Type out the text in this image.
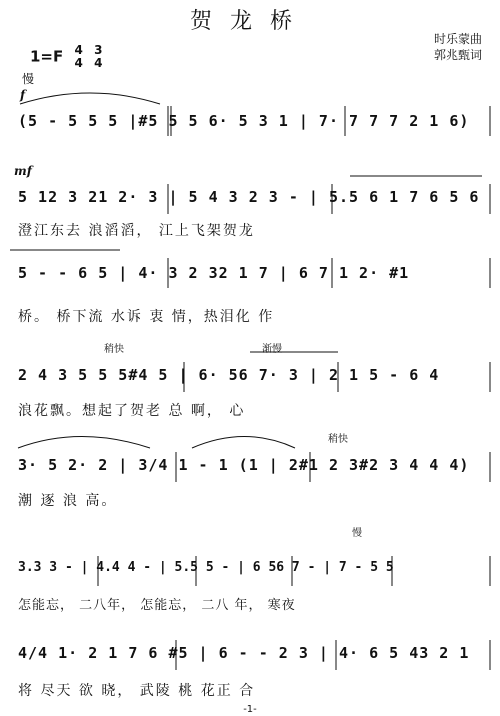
贺龙桥
时乐蒙曲
郭兆甄词
1=F 4
4

3
4
慢
f
mf
稍快	渐慢
稍快
慢
(5 - 5 5 5 |#5 5 5 6· 5 3 1 | 7· 7 7 7 2 1 6)
5 12 3 21 2· 3 | 5 4 3 2 3 - | 5.5 6 1 7 6 5 6
澄江东去 浪滔滔， 江上飞架贺龙
5 - - 6 5 | 4· 3 2 32 1 7 | 6 7 1 2· #1
桥。 桥下流 水诉 衷 情，热泪化 作
2 4 3 5 5 5#4 5 | 6· 56 7· 3 | 2 1 5 - 6 4
浪花飘。想起了贺老 总 啊， 心
3· 5 2· 2 | 3/4 1 - 1 (1 | 2#1 2 3#2 3 4 4 4)
潮 逐 浪 高。
3.3 3 - | 4.4 4 - | 5.5 5 - | 6 56 7 - | 7 - 5 5
怎能忘， 二八年， 怎能忘， 二八 年， 寒夜
4/4 1· 2 1 7 6 #5 | 6 - - 2 3 | 4· 6 5 43 2 1
将 尽天 欲 晓， 武陵 桃 花正 合
-1-
